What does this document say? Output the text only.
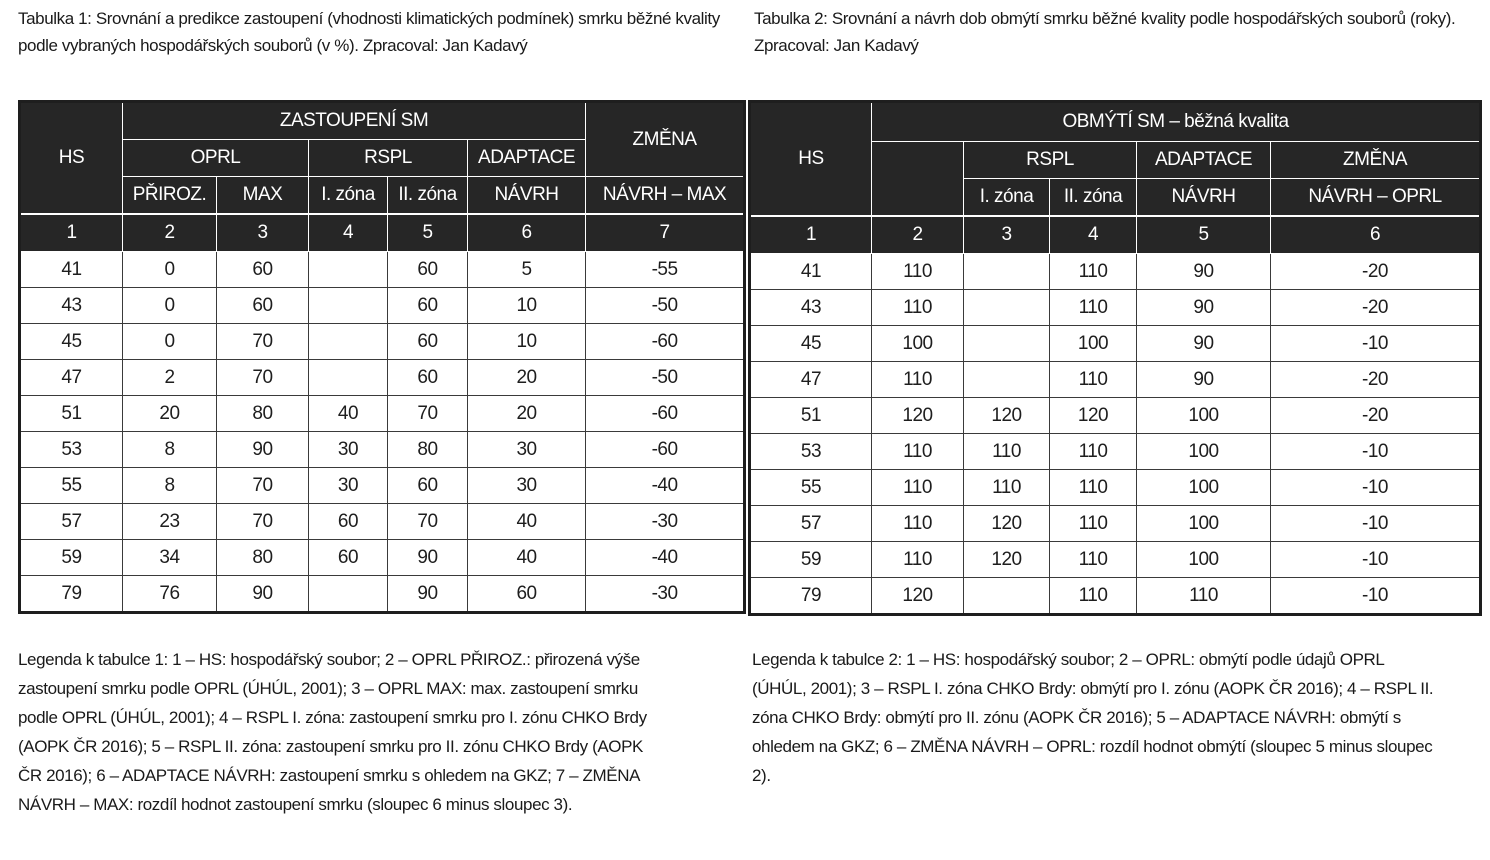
Tabulka 1: Srovnání a predikce zastoupení (vhodnosti klimatických podmínek) smrku běžné kvality podle vybraných hospodářských souborů (v %). Zpracoval: Jan Kadavý

Tabulka 2: Srovnání a návrh dob obmýtí smrku běžné kvality podle hospodářských souborů (roky). Zpracoval: Jan Kadavý

HS	ZASTOUPENÍ SM					ZMĚNA
	OPRL		RSPL		ADAPTACE	
	PŘIROZ.	MAX	I. zóna	II. zóna	NÁVRH	NÁVRH – MAX
1	2	3	4	5	6	7
41	0	60		60	5	-55
43	0	60		60	10	-50
45	0	70		60	10	-60
47	2	70		60	20	-50
51	20	80	40	70	20	-60
53	8	90	30	80	30	-60
55	8	70	30	60	30	-40
57	23	70	60	70	40	-30
59	34	80	60	90	40	-40
79	76	90		90	60	-30
HS	OBMÝTÍ SM – běžná kvalita				
		RSPL		ADAPTACE	ZMĚNA
		I. zóna	II. zóna	NÁVRH	NÁVRH – OPRL
1	2	3	4	5	6
41	110		110	90	-20
43	110		110	90	-20
45	100		100	90	-10
47	110		110	90	-20
51	120	120	120	100	-20
53	110	110	110	100	-10
55	110	110	110	100	-10
57	110	120	110	100	-10
59	110	120	110	100	-10
79	120		110	110	-10

Legenda k tabulce 1: 1 – HS: hospodářský soubor; 2 – OPRL PŘIROZ.: přirozená výše zastoupení smrku podle OPRL (ÚHÚL, 2001); 3 – OPRL MAX: max. zastoupení smrku podle OPRL (ÚHÚL, 2001); 4 – RSPL I. zóna: zastoupení smrku pro I. zónu CHKO Brdy (AOPK ČR 2016); 5 – RSPL II. zóna: zastoupení smrku pro II. zónu CHKO Brdy (AOPK ČR 2016); 6 – ADAPTACE NÁVRH: zastoupení smrku s ohledem na GKZ; 7 – ZMĚNA NÁVRH – MAX: rozdíl hodnot zastoupení smrku (sloupec 6 minus sloupec 3).

Legenda k tabulce 2: 1 – HS: hospodářský soubor; 2 – OPRL: obmýtí podle údajů OPRL (ÚHÚL, 2001); 3 – RSPL I. zóna CHKO Brdy: obmýtí pro I. zónu (AOPK ČR 2016); 4 – RSPL II. zóna CHKO Brdy: obmýtí pro II. zónu (AOPK ČR 2016); 5 – ADAPTACE NÁVRH: obmýtí s ohledem na GKZ; 6 – ZMĚNA NÁVRH – OPRL: rozdíl hodnot obmýtí (sloupec 5 minus sloupec 2).
